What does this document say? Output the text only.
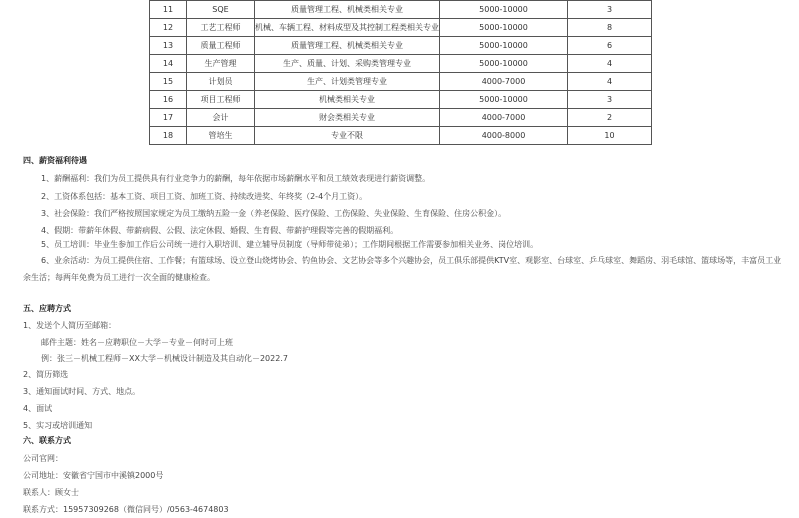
11	SQE	质量管理工程、机械类相关专业	5000-10000	3
12	工艺工程师	机械、车辆工程、材料成型及其控制工程类相关专业	5000-10000	8
13	质量工程师	质量管理工程、机械类相关专业	5000-10000	6
14	生产管理	生产、质量、计划、采购类管理专业	5000-10000	4
15	计划员	生产、计划类管理专业	4000-7000	4
16	项目工程师	机械类相关专业	5000-10000	3
17	会计	财会类相关专业	4000-7000	2
18	管培生	专业不限	4000-8000	10
四、薪资福利待遇
1、薪酬福利：我们为员工提供具有行业竞争力的薪酬，每年依据市场薪酬水平和员工绩效表现进行薪资调整。
2、工资体系包括：基本工资、项目工资、加班工资、持续改进奖、年终奖（2-4个月工资）。
3、社会保险：我们严格按照国家规定为员工缴纳五险一金（养老保险、医疗保险、工伤保险、失业保险、生育保险、住房公积金）。
4、假期：带薪年休假、带薪病假、公假、法定休假、婚假、生育假、带薪护理假等完善的假期福利。
5、员工培训：毕业生参加工作后公司统一进行入职培训、建立辅导员制度（导师带徒弟）；工作期间根据工作需要参加相关业务、岗位培训。
6、业余活动：为员工提供住宿、工作餐；有篮球场、设立登山烧烤协会、钓鱼协会、文艺协会等多个兴趣协会，员工俱乐部提供KTV室、观影室、台球室、乒乓球室、舞蹈房、羽毛球馆、篮球场等，丰富员工业余生活；每两年免费为员工进行一次全面的健康检查。
五、应聘方式
1、发送个人简历至邮箱：
邮件主题：姓名－应聘职位－大学－专业－何时可上班
例：张三－机械工程师－XX大学－机械设计制造及其自动化－2022.7
2、简历筛选
3、通知面试时间、方式、地点。
4、面试
5、实习或培训通知
六、联系方式
公司官网：
公司地址：安徽省宁国市中溪镇2000号
联系人：顾女士
联系方式：15957309268（微信同号）/0563-4674803
